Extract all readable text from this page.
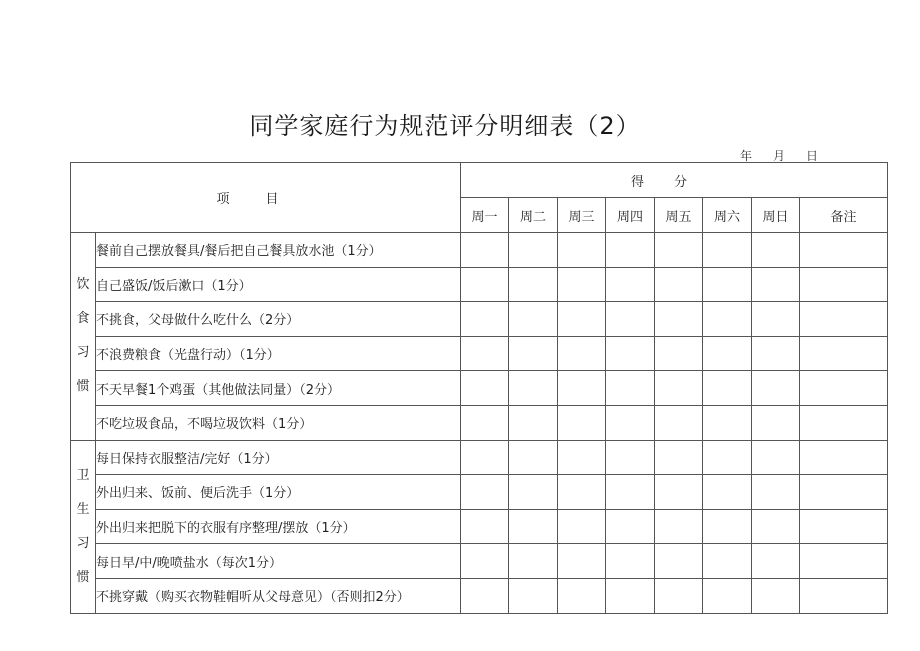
同学家庭行为规范评分明细表（2）
年 月 日
项目		得分							
		周一	周二	周三	周四	周五	周六	周日	备注

饮
食
习
惯	餐前自己摆放餐具/餐后把自己餐具放水池（1分）								
	自己盛饭/饭后漱口（1分）								
	不挑食，父母做什么吃什么（2分）								
	不浪费粮食（光盘行动）（1分）								
	不天早餐1个鸡蛋（其他做法同量）（2分）								
	不吃垃圾食品，不喝垃圾饮料（1分）								

卫
生
习
惯	每日保持衣服整洁/完好（1分）								
	外出归来、饭前、便后洗手（1分）								
	外出归来把脱下的衣服有序整理/摆放（1分）								
	每日早/中/晚喷盐水（每次1分）								
	不挑穿戴（购买衣物鞋帽听从父母意见）（否则扣2分）								
